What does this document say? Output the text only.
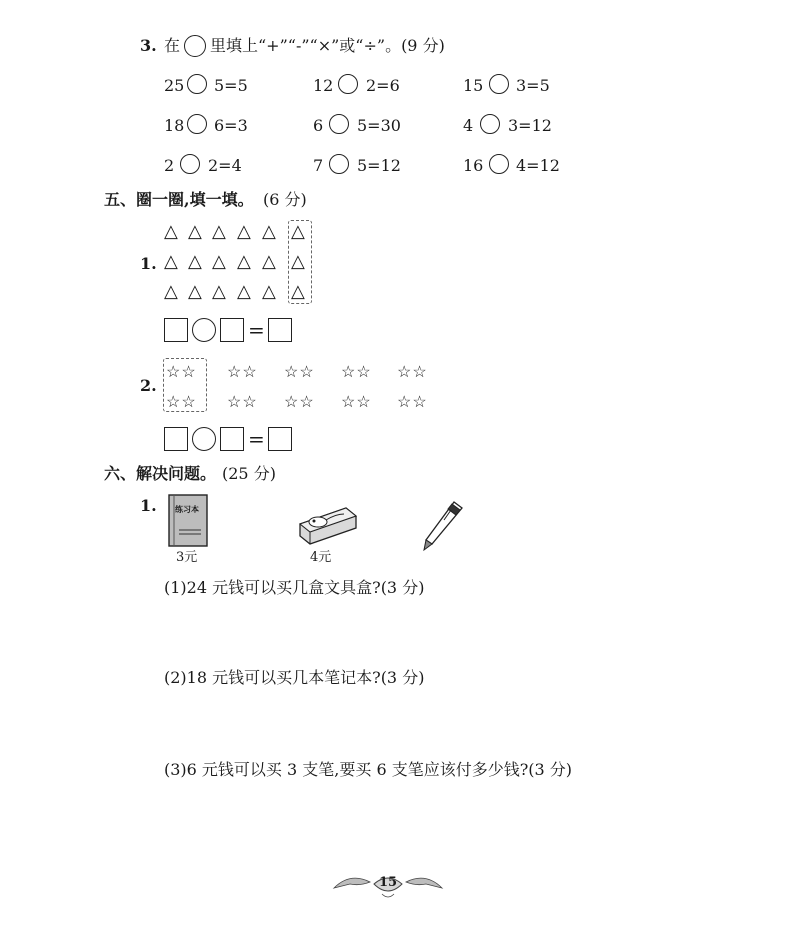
3. 在 里填上“+”“-”“×”或“÷”。(9 分)
25 5=5	12 2=6	15 3=5
18 6=3	6 5=30	4 3=12
2 2=4	7 5=12	16 4=12
五、圈一圈,填一填。 (6 分)
1.
△ △ △ △ △ △
△ △ △ △ △ △
△ △ △ △ △ △
=
2.
☆☆ ☆☆ ☆☆ ☆☆ ☆☆
☆☆ ☆☆ ☆☆ ☆☆ ☆☆
=
六、解决问题。 (25 分)
1. 练习本
3元	4元
(1)24 元钱可以买几盒文具盒?(3 分)
(2)18 元钱可以买几本笔记本?(3 分)
(3)6 元钱可以买 3 支笔,要买 6 支笔应该付多少钱?(3 分)
15
